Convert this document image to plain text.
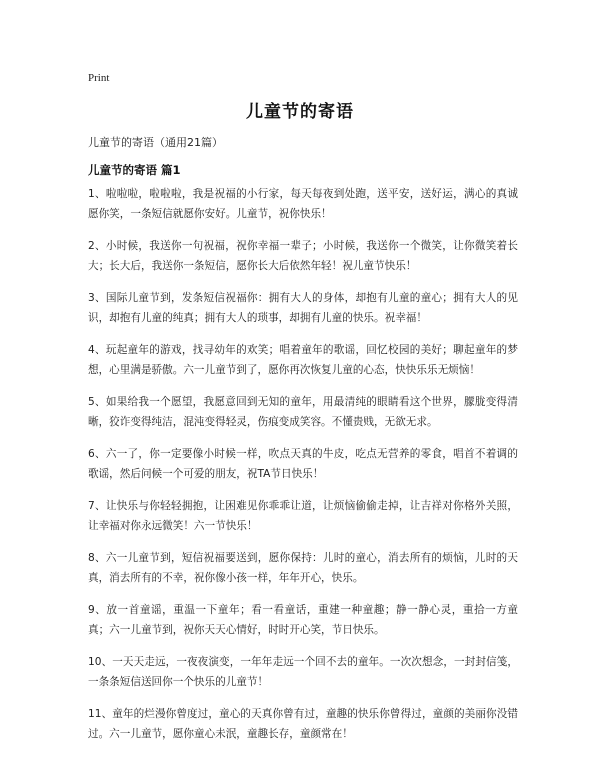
Print
儿童节的寄语
儿童节的寄语（通用21篇）
儿童节的寄语 篇1

1、啦啦啦，啦啦啦，我是祝福的小行家，每天每夜到处跑，送平安，送好运，满心的真诚愿你笑，一条短信就愿你安好。儿童节，祝你快乐！

2、小时候，我送你一句祝福，祝你幸福一辈子；小时候，我送你一个微笑，让你微笑着长大；长大后，我送你一条短信，愿你长大后依然年轻！祝儿童节快乐！

3、国际儿童节到，发条短信祝福你：拥有大人的身体，却抱有儿童的童心；拥有大人的见识，却抱有儿童的纯真；拥有大人的琐事，却拥有儿童的快乐。祝幸福！

4、玩起童年的游戏，找寻幼年的欢笑；唱着童年的歌谣，回忆校园的美好；聊起童年的梦想，心里满是骄傲。六一儿童节到了，愿你再次恢复儿童的心态，快快乐乐无烦恼！

5、如果给我一个愿望，我愿意回到无知的童年，用最清纯的眼睛看这个世界，朦胧变得清晰，狡诈变得纯洁，混沌变得轻灵，伤痕变成笑容。不懂贵贱，无欲无求。

6、六一了，你一定要像小时候一样，吹点天真的牛皮，吃点无营养的零食，唱首不着调的歌谣，然后问候一个可爱的朋友，祝TA节日快乐！

7、让快乐与你轻轻拥抱，让困难见你乖乖让道，让烦恼偷偷走掉，让吉祥对你格外关照，让幸福对你永远微笑！六一节快乐！

8、六一儿童节到，短信祝福要送到，愿你保持：儿时的童心，消去所有的烦恼，儿时的天真，消去所有的不幸，祝你像小孩一样，年年开心，快乐。

9、放一首童谣，重温一下童年；看一看童话，重建一种童趣；静一静心灵，重拾一方童真；六一儿童节到，祝你天天心情好，时时开心笑，节日快乐。

10、一天天走远，一夜夜演变，一年年走远一个回不去的童年。一次次想念，一封封信笺，一条条短信送回你一个快乐的儿童节！

11、童年的烂漫你曾度过，童心的天真你曾有过，童趣的快乐你曾得过，童颜的美丽你没错过。六一儿童节，愿你童心未泯，童趣长存，童颜常在！
